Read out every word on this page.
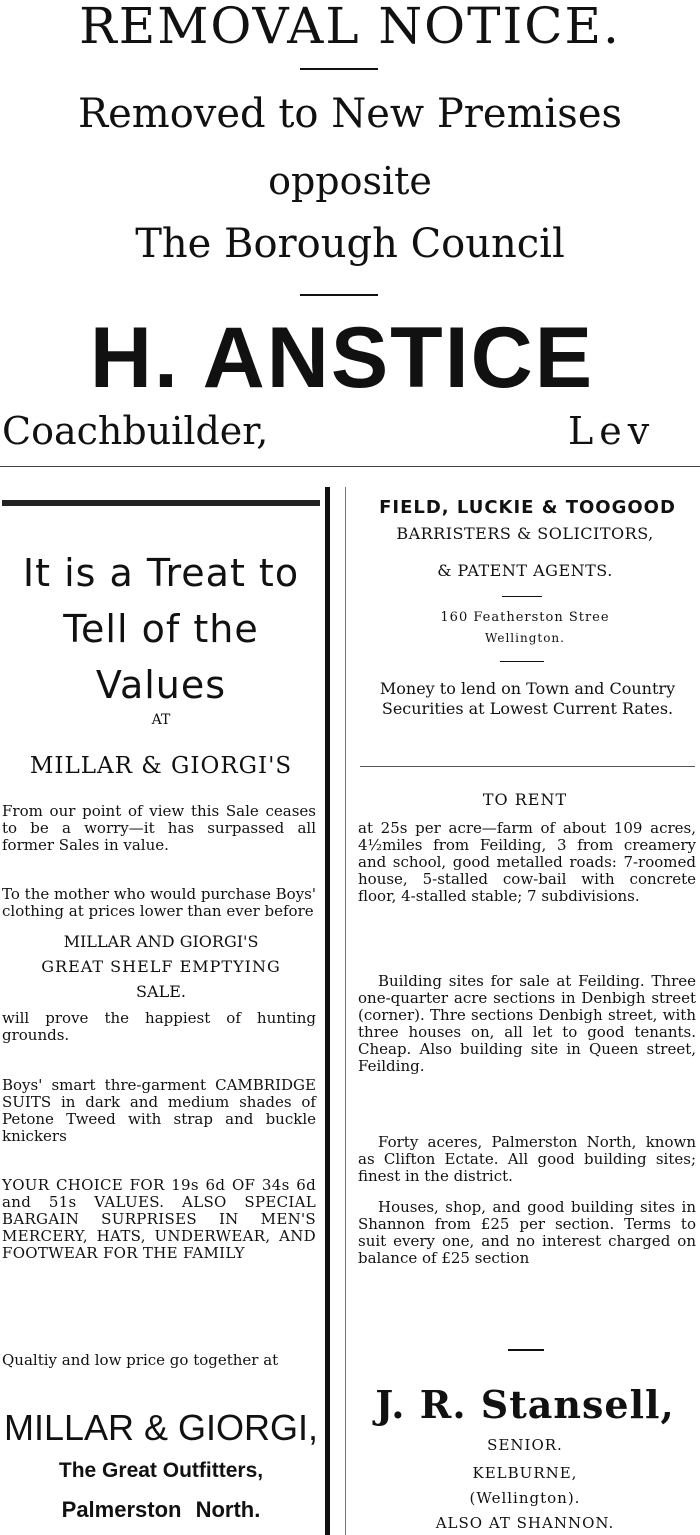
REMOVAL NOTICE.
Removed to New Premises
opposite
The Borough Council
H. ANSTICE
Coachbuilder,	Lev
It is a Treat to
Tell of the
Values
AT
MILLAR & GIORGI'S
From our point of view this Sale ceases to be a worry—it has surpassed all former Sales in value.
To the mother who would purchase Boys' clothing at prices lower than ever before
MILLAR AND GIORGI'S
GREAT SHELF EMPTYING
SALE.
will prove the happiest of hunting grounds.
Boys' smart thre-garment CAMBRIDGE SUITS in dark and medium shades of Petone Tweed with strap and buckle knickers
YOUR CHOICE FOR 19s 6d OF 34s 6d and 51s VALUES. ALSO SPECIAL BARGAIN SURPRISES IN MEN'S MERCERY, HATS, UNDERWEAR, AND FOOTWEAR FOR THE FAMILY
Qualtiy and low price go together at
MILLAR & GIORGI,
The Great Outfitters,
Palmerston North.
FIELD, LUCKIE & TOOGOOD
BARRISTERS & SOLICITORS,
& PATENT AGENTS.
160 Featherston Stree
Wellington.
Money to lend on Town and Country Securities at Lowest Current Rates.
TO RENT
at 25s per acre—farm of about 109 acres, 4½miles from Feilding, 3 from creamery and school, good metalled roads: 7-roomed house, 5-stalled cow-bail with concrete floor, 4-stalled stable; 7 subdivisions.
Building sites for sale at Feilding. Three one-quarter acre sections in Denbigh street (corner). Thre sections Denbigh street, with three houses on, all let to good tenants. Cheap. Also building site in Queen street, Feilding.
Forty aceres, Palmerston North, known as Clifton Ectate. All good building sites; finest in the district.
Houses, shop, and good building sites in Shannon from £25 per section. Terms to suit every one, and no interest charged on balance of £25 section
J. R. Stansell,
SENIOR.
KELBURNE,
(Wellington).
ALSO AT SHANNON.
